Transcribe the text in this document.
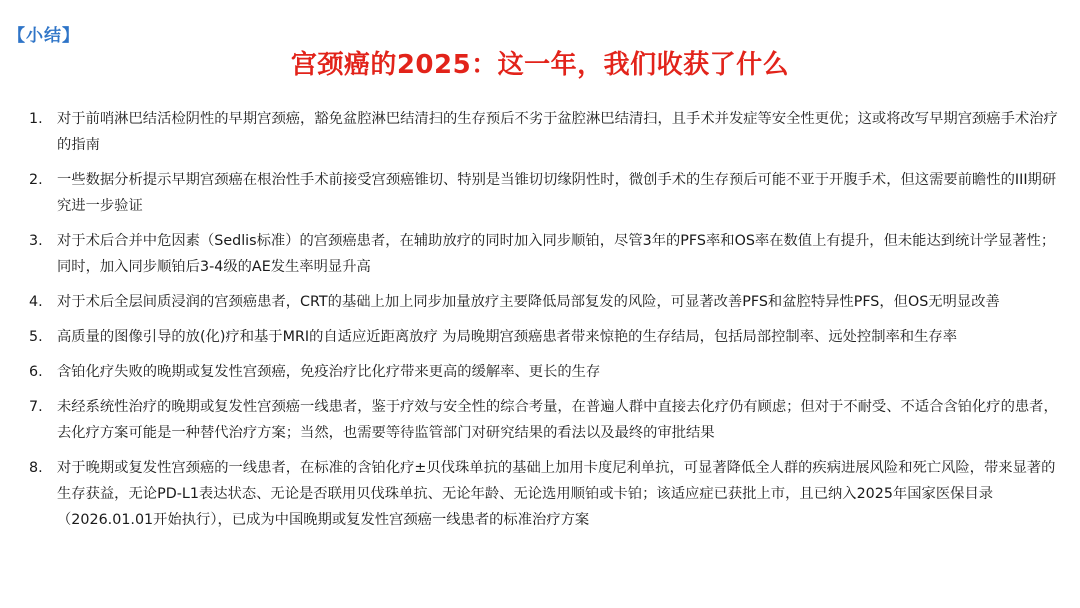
【小结】
宫颈癌的2025：这一年，我们收获了什么
1.	对于前哨淋巴结活检阴性的早期宫颈癌，豁免盆腔淋巴结清扫的生存预后不劣于盆腔淋巴结清扫，且手术并发症等安全性更优；这或将改写早期宫颈癌手术治疗的指南
2.	一些数据分析提示早期宫颈癌在根治性手术前接受宫颈癌锥切、特别是当锥切切缘阴性时，微创手术的生存预后可能不亚于开腹手术，但这需要前瞻性的III期研究进一步验证
3.	对于术后合并中危因素（Sedlis标准）的宫颈癌患者，在辅助放疗的同时加入同步顺铂，尽管3年的PFS率和OS率在数值上有提升，但未能达到统计学显著性；同时，加入同步顺铂后3-4级的AE发生率明显升高
4.	对于术后全层间质浸润的宫颈癌患者，CRT的基础上加上同步加量放疗主要降低局部复发的风险，可显著改善PFS和盆腔特异性PFS，但OS无明显改善
5.	高质量的图像引导的放(化)疗和基于MRI的自适应近距离放疗 为局晚期宫颈癌患者带来惊艳的生存结局，包括局部控制率、远处控制率和生存率
6.	含铂化疗失败的晚期或复发性宫颈癌，免疫治疗比化疗带来更高的缓解率、更长的生存
7.	未经系统性治疗的晚期或复发性宫颈癌一线患者，鉴于疗效与安全性的综合考量，在普遍人群中直接去化疗仍有顾虑；但对于不耐受、不适合含铂化疗的患者，去化疗方案可能是一种替代治疗方案；当然，也需要等待监管部门对研究结果的看法以及最终的审批结果
8.	对于晚期或复发性宫颈癌的一线患者，在标准的含铂化疗±贝伐珠单抗的基础上加用卡度尼利单抗，可显著降低全人群的疾病进展风险和死亡风险，带来显著的生存获益，无论PD-L1表达状态、无论是否联用贝伐珠单抗、无论年龄、无论选用顺铂或卡铂；该适应症已获批上市，且已纳入2025年国家医保目录（2026.01.01开始执行），已成为中国晚期或复发性宫颈癌一线患者的标准治疗方案
